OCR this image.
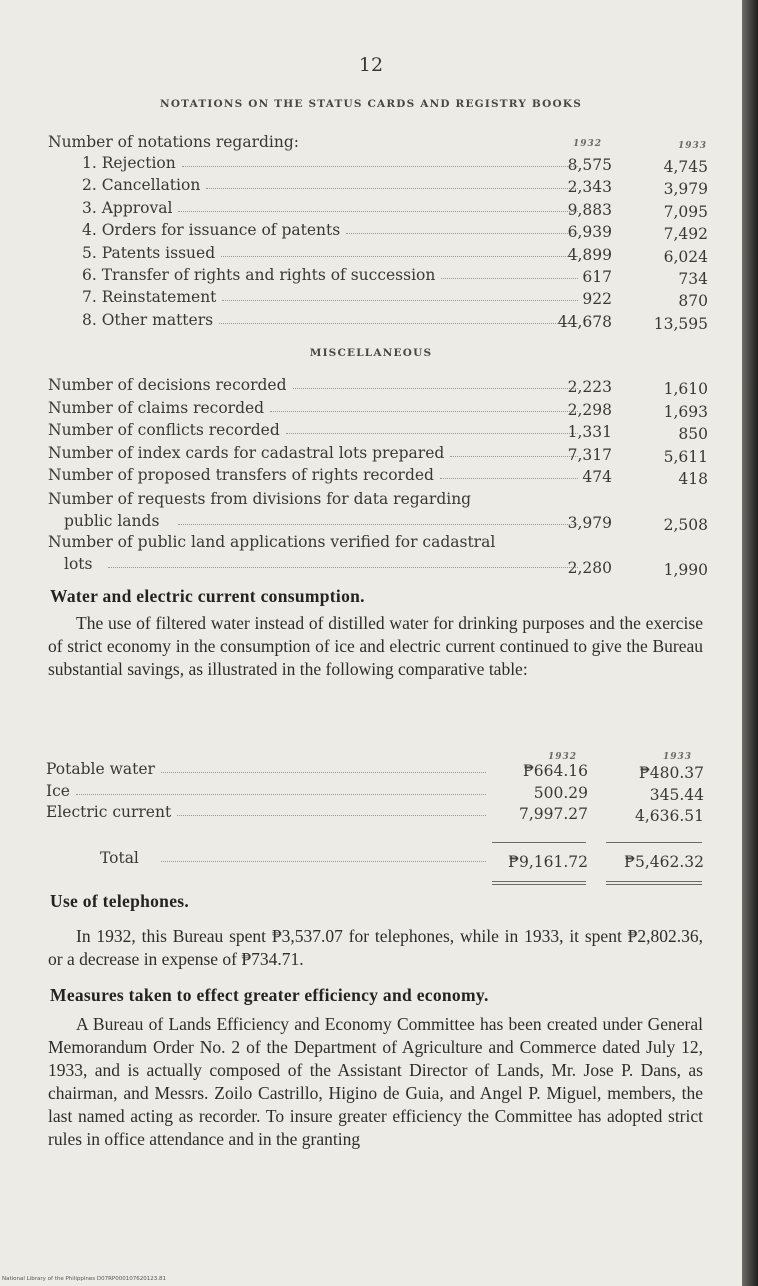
12
NOTATIONS ON THE STATUS CARDS AND REGISTRY BOOKS
Number of notations regarding:	1932	1933
1. Rejection	8,575	4,745
2. Cancellation	2,343	3,979
3. Approval	9,883	7,095
4. Orders for issuance of patents	6,939	7,492
5. Patents issued	4,899	6,024
6. Transfer of rights and rights of succession	617	734
7. Reinstatement	922	870
8. Other matters	44,678	13,595
MISCELLANEOUS
Number of decisions recorded	2,223	1,610
Number of claims recorded	2,298	1,693
Number of conflicts recorded	1,331	850
Number of index cards for cadastral lots prepared	7,317	5,611
Number of proposed transfers of rights recorded	474	418
Number of requests from divisions for data regarding
public lands	3,979	2,508
Number of public land applications verified for cadastral
lots	2,280	1,990
Water and electric current consumption.
The use of filtered water instead of distilled water for drinking purposes and the exercise of strict economy in the consumption of ice and electric current continued to give the Bureau substantial savings, as illustrated in the following comparative table:
1932	1933
Potable water	₱664.16	₱480.37
Ice	500.29	345.44
Electric current	7,997.27	4,636.51
Total	₱9,161.72 ₱5,462.32
Use of telephones.
In 1932, this Bureau spent ₱3,537.07 for telephones, while in 1933, it spent ₱2,802.36, or a decrease in expense of ₱734.71.
Measures taken to effect greater efficiency and economy.
A Bureau of Lands Efficiency and Economy Committee has been created under General Memorandum Order No. 2 of the Department of Agriculture and Commerce dated July 12, 1933, and is actually composed of the Assistant Director of Lands, Mr. Jose P. Dans, as chairman, and Messrs. Zoilo Castrillo, Higino de Guia, and Angel P. Miguel, members, the last named acting as recorder. To insure greater efficiency the Committee has adopted strict rules in office attendance and in the granting
National Library of the Philippines D07RP000107620123.81
